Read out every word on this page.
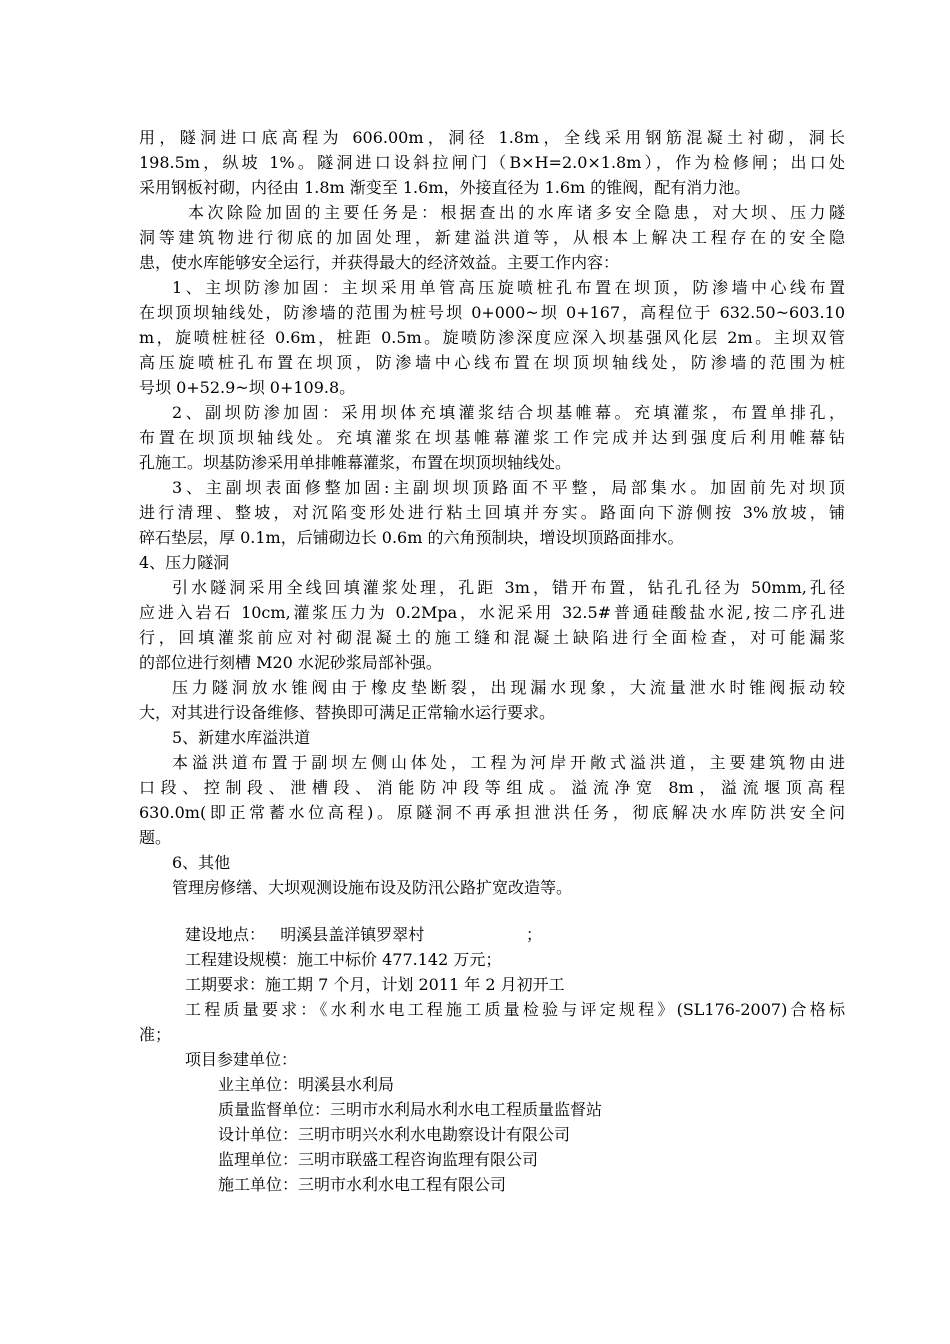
用，隧洞进口底高程为 606.00m，洞径 1.8m，全线采用钢筋混凝土衬砌，洞长
198.5m，纵坡 1%。隧洞进口设斜拉闸门（B×H=2.0×1.8m），作为检修闸；出口处
采用钢板衬砌，内径由 1.8m 渐变至 1.6m，外接直径为 1.6m 的锥阀，配有消力池。
本次除险加固的主要任务是：根据查出的水库诸多安全隐患，对大坝、压力隧
洞等建筑物进行彻底的加固处理，新建溢洪道等，从根本上解决工程存在的安全隐
患，使水库能够安全运行，并获得最大的经济效益。主要工作内容：
1、主坝防渗加固：主坝采用单管高压旋喷桩孔布置在坝顶，防渗墙中心线布置
在坝顶坝轴线处，防渗墙的范围为桩号坝 0+000~坝 0+167，高程位于 632.50~603.10
m，旋喷桩桩径 0.6m，桩距 0.5m。旋喷防渗深度应深入坝基强风化层 2m。主坝双管
高压旋喷桩孔布置在坝顶，防渗墙中心线布置在坝顶坝轴线处，防渗墙的范围为桩
号坝 0+52.9~坝 0+109.8。
2、副坝防渗加固：采用坝体充填灌浆结合坝基帷幕。充填灌浆，布置单排孔，
布置在坝顶坝轴线处。充填灌浆在坝基帷幕灌浆工作完成并达到强度后利用帷幕钻
孔施工。坝基防渗采用单排帷幕灌浆，布置在坝顶坝轴线处。
3、主副坝表面修整加固:主副坝坝顶路面不平整，局部集水。加固前先对坝顶
进行清理、整坡，对沉陷变形处进行粘土回填并夯实。路面向下游侧按 3%放坡，铺
碎石垫层，厚 0.1m，后铺砌边长 0.6m 的六角预制块，增设坝顶路面排水。
4、压力隧洞
引水隧洞采用全线回填灌浆处理，孔距 3m，错开布置，钻孔孔径为 50mm,孔径
应进入岩石 10cm,灌浆压力为 0.2Mpa，水泥采用 32.5#普通硅酸盐水泥,按二序孔进
行，回填灌浆前应对衬砌混凝土的施工缝和混凝土缺陷进行全面检查，对可能漏浆
的部位进行刻槽 M20 水泥砂浆局部补强。
压力隧洞放水锥阀由于橡皮垫断裂，出现漏水现象，大流量泄水时锥阀振动较
大，对其进行设备维修、替换即可满足正常输水运行要求。
5、新建水库溢洪道
本溢洪道布置于副坝左侧山体处，工程为河岸开敞式溢洪道，主要建筑物由进
口段、控制段、泄槽段、消能防冲段等组成。溢流净宽 8m，溢流堰顶高程
630.0m(即正常蓄水位高程)。原隧洞不再承担泄洪任务，彻底解决水库防洪安全问
题。
6、其他
管理房修缮、大坝观测设施布设及防汛公路扩宽改造等。
建设地点：   明溪县盖洋镇罗翠村                    ；
工程建设规模：施工中标价 477.142 万元；
工期要求：施工期 7 个月，计划 2011 年 2 月初开工
工程质量要求：《水利水电工程施工质量检验与评定规程》(SL176-2007)合格标
准；
项目参建单位：
业主单位：明溪县水利局
质量监督单位：三明市水利局水利水电工程质量监督站
设计单位：三明市明兴水利水电勘察设计有限公司
监理单位：三明市联盛工程咨询监理有限公司
施工单位：三明市水利水电工程有限公司
